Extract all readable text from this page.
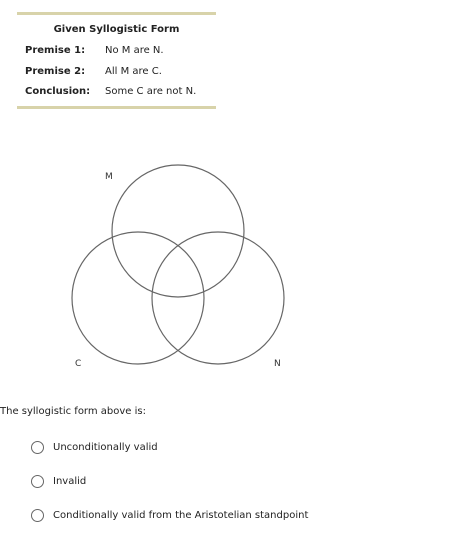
Given Syllogistic Form
Premise 1: No M are N.
Premise 2: All M are C.
Conclusion: Some C are not N.
M
C	N
The syllogistic form above is:
Unconditionally valid
Invalid
Conditionally valid from the Aristotelian standpoint
